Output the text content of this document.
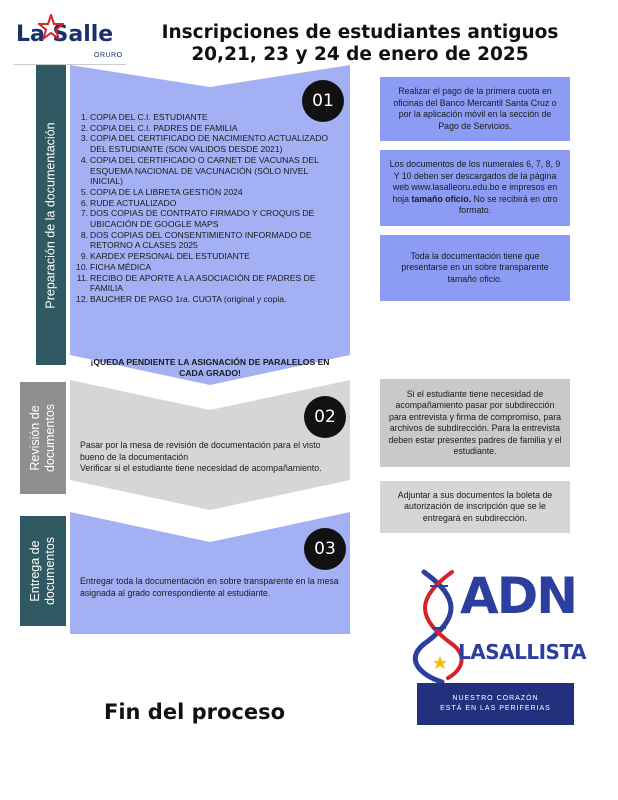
La Salle
ORURO
Inscripciones de estudiantes antiguos
20,21, 23 y 24 de enero de 2025
Preparación de la documentación
01
1. COPIA DEL C.I. ESTUDIANTE
2. COPIA DEL C.I. PADRES DE FAMILIA
3. COPIA DEL CERTIFICADO DE NACIMIENTO ACTUALIZADO DEL ESTUDIANTE (SON VALIDOS DESDE 2021)
4. COPIA DEL CERTIFICADO O CARNET DE VACUNAS DEL ESQUEMA NACIONAL DE VACUNACIÓN (SÓLO NIVEL INICIAL)
5. COPIA DE LA LIBRETA GESTIÓN 2024
6. RUDE ACTUALIZADO
7. DOS COPIAS DE CONTRATO FIRMADO Y CROQUIS DE UBICACIÓN DE GOOGLE MAPS
8. DOS COPIAS DEL CONSENTIMIENTO INFORMADO DE RETORNO A CLASES 2025
9. KARDEX PERSONAL DEL ESTUDIANTE
10. FICHA MÉDICA
11. RECIBO DE APORTE A LA ASOCIACIÓN DE PADRES DE FAMILIA
12. BAUCHER DE PAGO 1ra. CUOTA (original y copia.
¡QUEDA PENDIENTE LA ASIGNACIÓN DE PARALELOS EN CADA GRADO!
Revisión de
documentos	02
Pasar por la mesa de revisión de documentación para el visto bueno de la documentación
Verificar si el estudiante tiene necesidad de acompañamiento.
Entrega de
documentos	03
Entregar toda la documentación en sobre transparente en la mesa asignada al grado correspondiente al estudiante.
Realizar el pago de la primera cuota en oficinas del Banco Mercantil Santa Cruz o por la aplicación móvil en la sección de Pago de Servicios.
Los documentos de los numerales 6, 7, 8, 9 Y 10 deben ser descargados de la página web www.lasalleoru.edu.bo e impresos en hoja tamaño oficio. No se recibirá en otro formato.
Toda la documentación tiene que presentarse en un sobre transparente tamaño oficio.
Si el estudiante tiene necesidad de acompañamiento pasar por subdirección para entrevista y firma de compromiso, para archivos de subdirección. Para la entrevista deben estar presentes padres de familia y el estudiante.
Adjuntar a sus documentos la boleta de autorización de inscripción que se le entregará en subdirección.
Fin del proceso
ADN
LASALLISTA
NUESTRO CORAZÓN
ESTÁ EN LAS PERIFERIAS
